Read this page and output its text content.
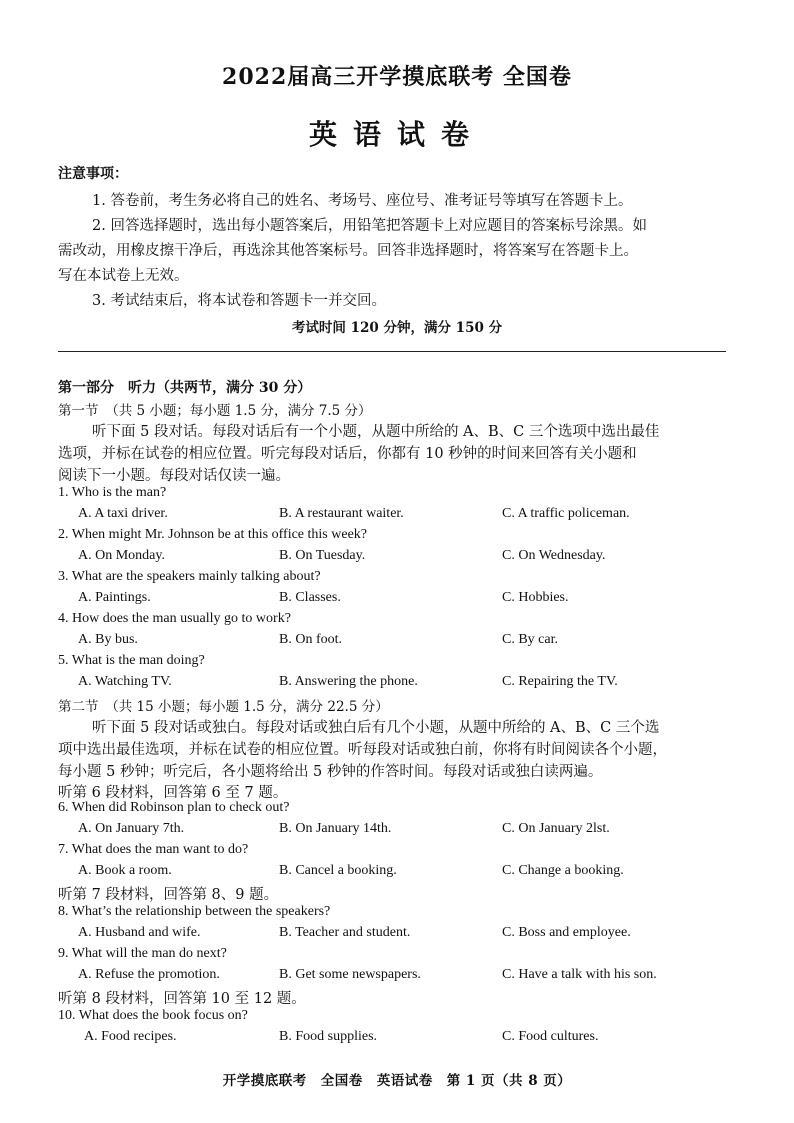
2022届高三开学摸底联考 全国卷
英语试卷
注意事项：
1. 答卷前，考生务必将自己的姓名、考场号、座位号、准考证号等填写在答题卡上。
2. 回答选择题时，选出每小题答案后，用铅笔把答题卡上对应题目的答案标号涂黑。如
需改动，用橡皮擦干净后，再选涂其他答案标号。回答非选择题时，将答案写在答题卡上。
写在本试卷上无效。
3. 考试结束后，将本试卷和答题卡一并交回。
考试时间 120 分钟，满分 150 分
第一部分　听力（共两节，满分 30 分）
第一节　（共 5 小题；每小题 1.5 分，满分 7.5 分）
听下面 5 段对话。每段对话后有一个小题，从题中所给的 A、B、C 三个选项中选出最佳
选项，并标在试卷的相应位置。听完每段对话后，你都有 10 秒钟的时间来回答有关小题和
阅读下一小题。每段对话仅读一遍。
1. Who is the man?
A. A taxi driver.	B. A restaurant waiter.	C. A traffic policeman.
2. When might Mr. Johnson be at this office this week?
A. On Monday.	B. On Tuesday.	C. On Wednesday.
3. What are the speakers mainly talking about?
A. Paintings.	B. Classes.	C. Hobbies.
4. How does the man usually go to work?
A. By bus.	B. On foot.	C. By car.
5. What is the man doing?
A. Watching TV.	B. Answering the phone.	C. Repairing the TV.
第二节　（共 15 小题；每小题 1.5 分，满分 22.5 分）
听下面 5 段对话或独白。每段对话或独白后有几个小题，从题中所给的 A、B、C 三个选
项中选出最佳选项，并标在试卷的相应位置。听每段对话或独白前，你将有时间阅读各个小题，
每小题 5 秒钟；听完后，各小题将给出 5 秒钟的作答时间。每段对话或独白读两遍。
听第 6 段材料，回答第 6 至 7 题。
6. When did Robinson plan to check out?
A. On January 7th.	B. On January 14th.	C. On January 2lst.
7. What does the man want to do?
A. Book a room.	B. Cancel a booking.	C. Change a booking.
听第 7 段材料，回答第 8、9 题。
8. What’s the relationship between the speakers?
A. Husband and wife.	B. Teacher and student.	C. Boss and employee.
9. What will the man do next?
A. Refuse the promotion.	B. Get some newspapers.	C. Have a talk with his son.
听第 8 段材料，回答第 10 至 12 题。
10. What does the book focus on?
A. Food recipes.	B. Food supplies.	C. Food cultures.
开学摸底联考　全国卷　英语试卷　第 1 页（共 8 页）
